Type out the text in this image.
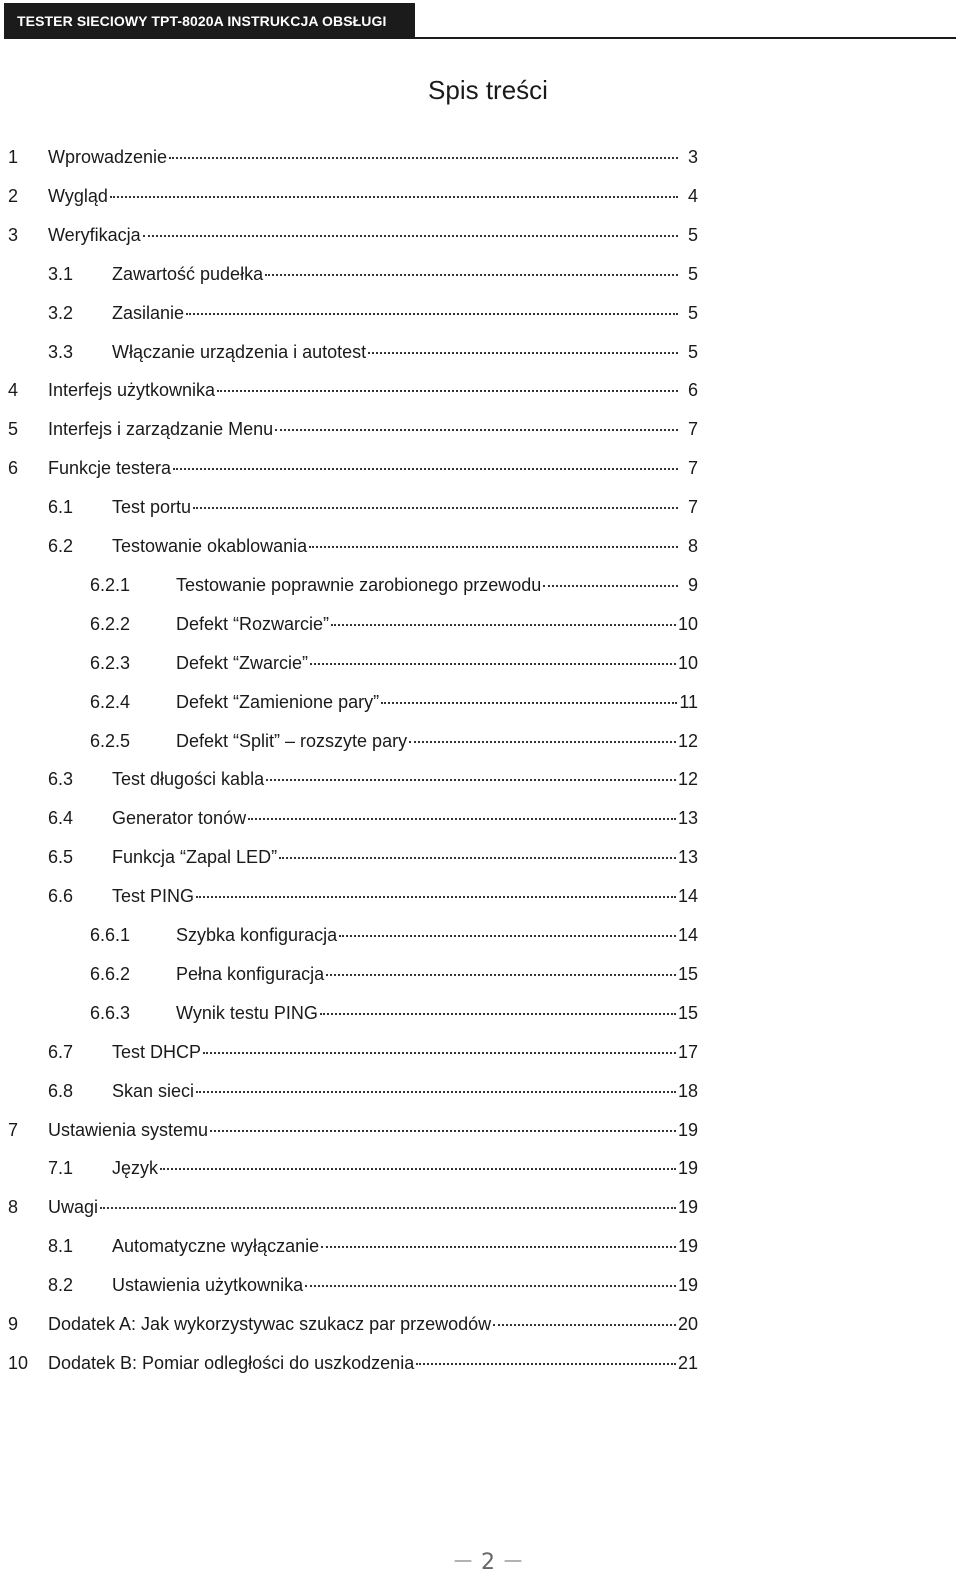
TESTER SIECIOWY TPT-8020A INSTRUKCJA OBSŁUGI
Spis treści
1	Wprowadzenie	3
2	Wygląd	4
3	Weryfikacja	5
3.1	Zawartość pudełka	5
3.2	Zasilanie	5
3.3	Włączanie urządzenia i autotest	5
4	Interfejs użytkownika	6
5	Interfejs i zarządzanie Menu	7
6	Funkcje testera	7
6.1	Test portu	7
6.2	Testowanie okablowania	8
6.2.1	Testowanie poprawnie zarobionego przewodu	9
6.2.2	Defekt “Rozwarcie”	10
6.2.3	Defekt “Zwarcie”	10
6.2.4	Defekt “Zamienione pary”	11
6.2.5	Defekt “Split” – rozszyte pary	12
6.3	Test długości kabla	12
6.4	Generator tonów	13
6.5	Funkcja “Zapal LED”	13
6.6	Test PING	14
6.6.1	Szybka konfiguracja	14
6.6.2	Pełna konfiguracja	15
6.6.3	Wynik testu PING	15
6.7	Test DHCP	17
6.8	Skan sieci	18
7	Ustawienia systemu	19
7.1	Język	19
8	Uwagi	19
8.1	Automatyczne wyłączanie	19
8.2	Ustawienia użytkownika	19
9	Dodatek A: Jak wykorzystywac szukacz par przewodów	20
10	Dodatek B: Pomiar odległości do uszkodzenia	21
－ 2 －
